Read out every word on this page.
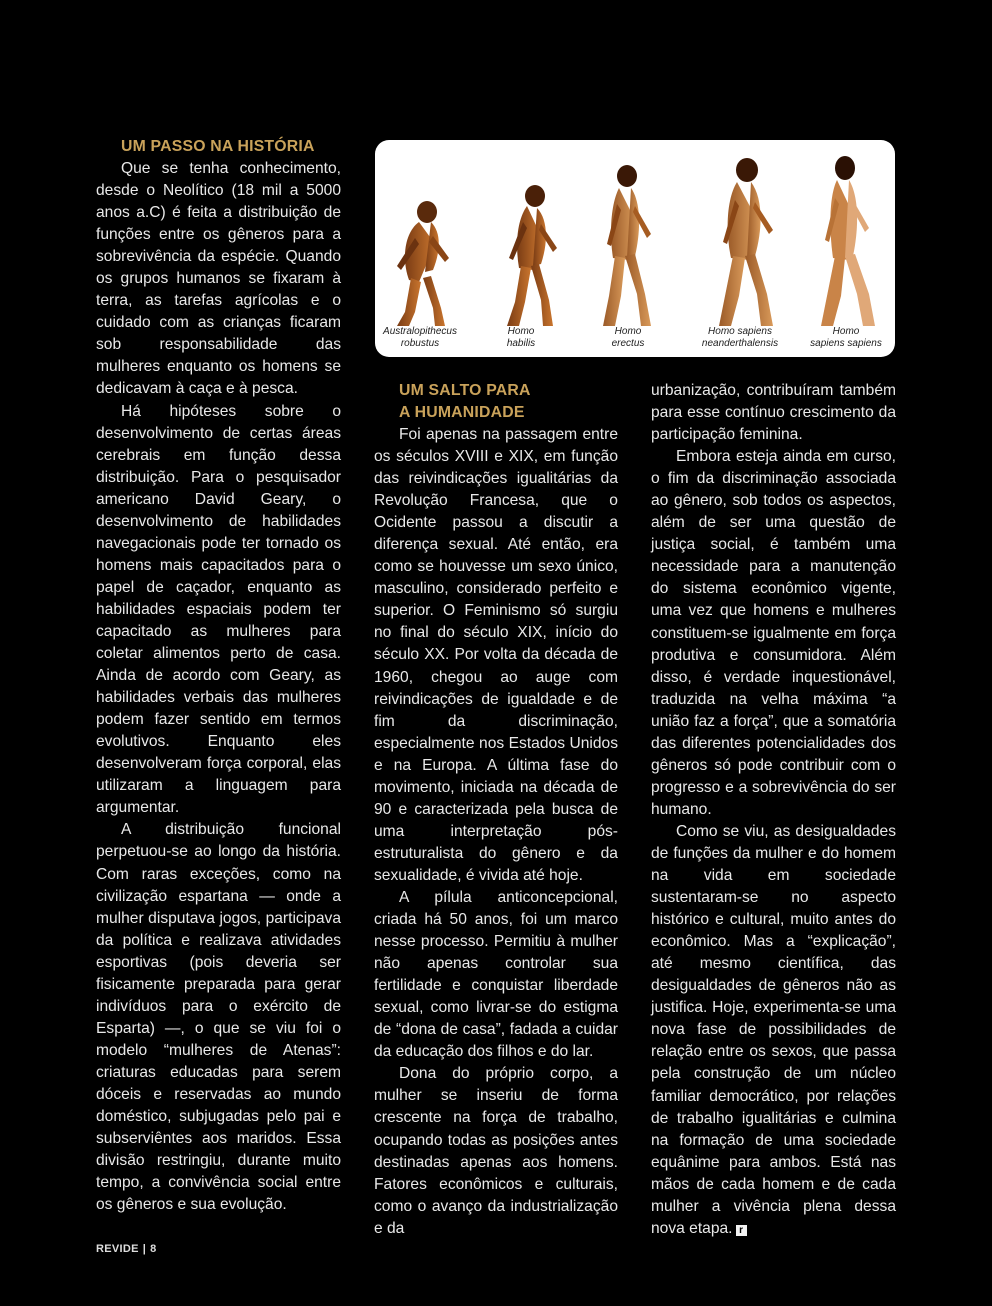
UM PASSO NA HISTÓRIA

Que se tenha conhecimento, desde o Neolítico (18 mil a 5000 anos a.C) é feita a distribuição de funções entre os gêneros para a sobrevivência da espécie. Quando os grupos humanos se fixaram à terra, as tarefas agrícolas e o cuidado com as crianças ficaram sob responsabilidade das mulheres enquanto os homens se dedicavam à caça e à pesca.

Há hipóteses sobre o desenvolvimento de certas áreas cerebrais em função dessa distribuição. Para o pesquisador americano David Geary, o desenvolvimento de habilidades navegacionais pode ter tornado os homens mais capacitados para o papel de caçador, enquanto as habilidades espaciais podem ter capacitado as mulheres para coletar alimentos perto de casa. Ainda de acordo com Geary, as habilidades verbais das mulheres podem fazer sentido em termos evolutivos. Enquanto eles desenvolveram força corporal, elas utilizaram a linguagem para argumentar.

A distribuição funcional perpetuou-se ao longo da história. Com raras exceções, como na civilização espartana — onde a mulher disputava jogos, participava da política e realizava atividades esportivas (pois deveria ser fisicamente preparada para gerar indivíduos para o exército de Esparta) —, o que se viu foi o modelo “mulheres de Atenas”: criaturas educadas para serem dóceis e reservadas ao mundo doméstico, subjugadas pelo pai e subserviêntes aos maridos. Essa divisão restringiu, durante muito tempo, a convivência social entre os gêneros e sua evolução.

Australopithecus
robustus
Homo
habilis
Homo
erectus
Homo sapiens
neanderthalensis
Homo
sapiens sapiens

UM SALTO PARA
A HUMANIDADE

Foi apenas na passagem entre os séculos XVIII e XIX, em função das reivindicações igualitárias da Revolução Francesa, que o Ocidente passou a discutir a diferença sexual. Até então, era como se houvesse um sexo único, masculino, considerado perfeito e superior. O Feminismo só surgiu no final do século XIX, início do século XX. Por volta da década de 1960, chegou ao auge com reivindicações de igualdade e de fim da discriminação, especialmente nos Estados Unidos e na Europa. A última fase do movimento, iniciada na década de 90 e caracterizada pela busca de uma interpretação pós-estruturalista do gênero e da sexualidade, é vivida até hoje.

A pílula anticoncepcional, criada há 50 anos, foi um marco nesse processo. Permitiu à mulher não apenas controlar sua fertilidade e conquistar liberdade sexual, como livrar-se do estigma de “dona de casa”, fadada a cuidar da educação dos filhos e do lar.

Dona do próprio corpo, a mulher se inseriu de forma crescente na força de trabalho, ocupando todas as posições antes destinadas apenas aos homens. Fatores econômicos e culturais, como o avanço da industrialização e da

urbanização, contribuíram também para esse contínuo crescimento da participação feminina.

Embora esteja ainda em curso, o fim da discriminação associada ao gênero, sob todos os aspectos, além de ser uma questão de justiça social, é também uma necessidade para a manutenção do sistema econômico vigente, uma vez que homens e mulheres constituem-se igualmente em força produtiva e consumidora. Além disso, é verdade inquestionável, traduzida na velha máxima “a união faz a força”, que a somatória das diferentes potencialidades dos gêneros só pode contribuir com o progresso e a sobrevivência do ser humano.

Como se viu, as desigualdades de funções da mulher e do homem na vida em sociedade sustentaram-se no aspecto histórico e cultural, muito antes do econômico. Mas a “explicação”, até mesmo científica, das desigualdades de gêneros não as justifica. Hoje, experimenta-se uma nova fase de possibilidades de relação entre os sexos, que passa pela construção de um núcleo familiar democrático, por relações de trabalho igualitárias e culmina na formação de uma sociedade equânime para ambos. Está nas mãos de cada homem e de cada mulher a vivência plena dessa nova etapa. r

REVIDE | 8
